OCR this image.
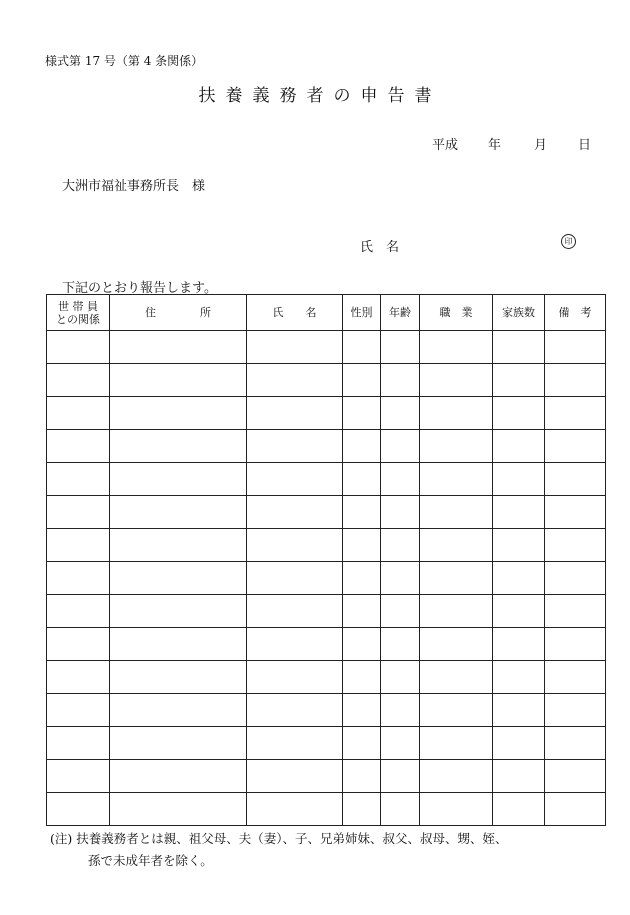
様式第 17 号（第 4 条関係）
扶養義務者の申告書
平成 年	月 日
大洲市福祉事務所長　様
氏　名	印
下記のとおり報告します。
世 帯 員
との関係	住　　　　所	氏　　名	性別	年齢	職　業	家族数	備　考

(注) 扶養義務者とは親、祖父母、夫（妻）、子、兄弟姉妹、叔父、叔母、甥、姪、
孫で未成年者を除く。
